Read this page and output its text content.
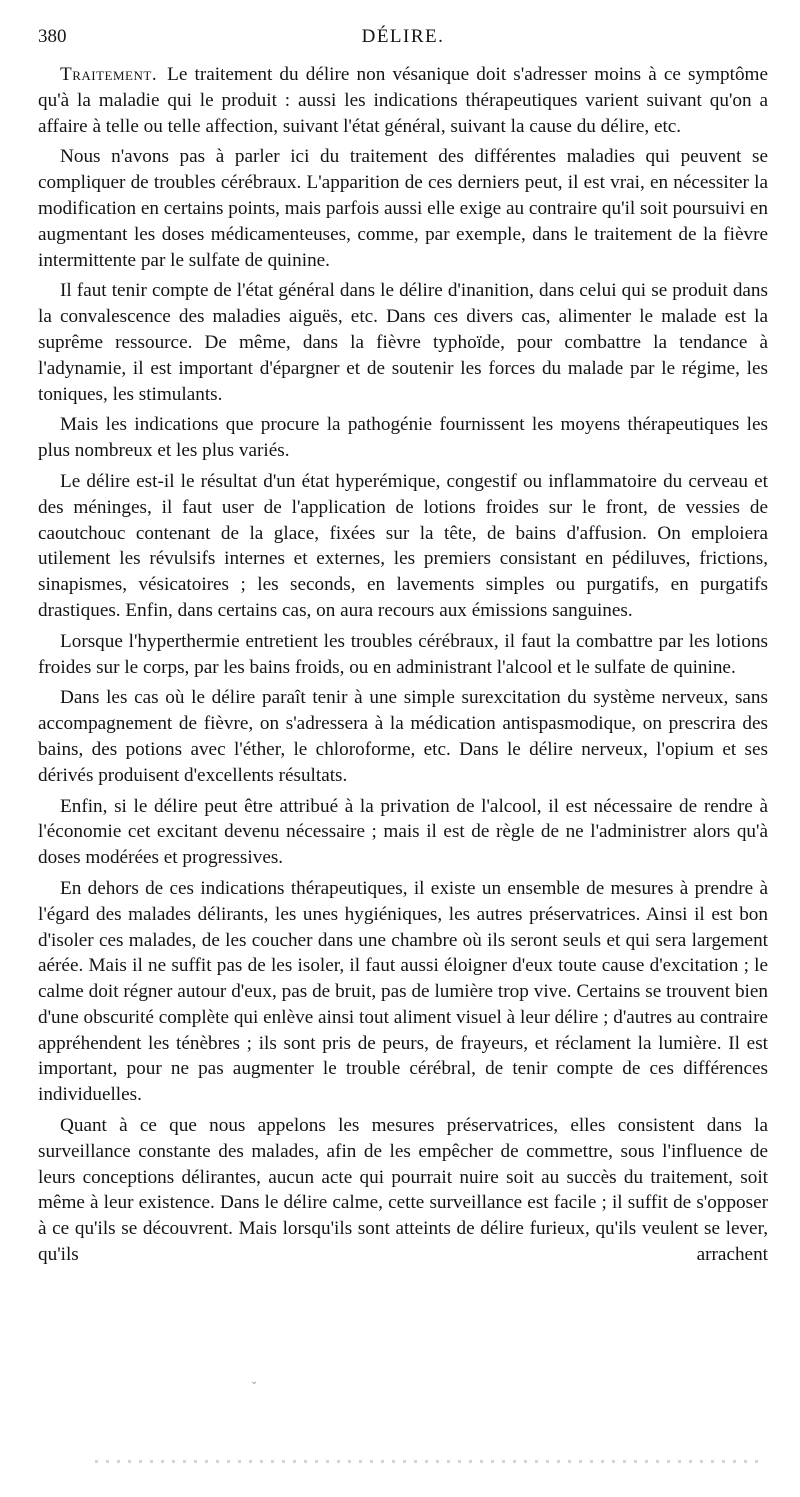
380	DÉLIRE.

Traitement. Le traitement du délire non vésanique doit s'adresser moins à ce symptôme qu'à la maladie qui le produit : aussi les indications thérapeutiques varient suivant qu'on a affaire à telle ou telle affection, suivant l'état général, suivant la cause du délire, etc.

Nous n'avons pas à parler ici du traitement des différentes maladies qui peuvent se compliquer de troubles cérébraux. L'apparition de ces derniers peut, il est vrai, en nécessiter la modification en certains points, mais parfois aussi elle exige au contraire qu'il soit poursuivi en augmentant les doses médicamenteuses, comme, par exemple, dans le traitement de la fièvre intermittente par le sulfate de quinine.

Il faut tenir compte de l'état général dans le délire d'inanition, dans celui qui se produit dans la convalescence des maladies aiguës, etc. Dans ces divers cas, alimenter le malade est la suprême ressource. De même, dans la fièvre typhoïde, pour combattre la tendance à l'adynamie, il est important d'épargner et de soutenir les forces du malade par le régime, les toniques, les stimulants.

Mais les indications que procure la pathogénie fournissent les moyens thérapeutiques les plus nombreux et les plus variés.

Le délire est-il le résultat d'un état hyperémique, congestif ou inflammatoire du cerveau et des méninges, il faut user de l'application de lotions froides sur le front, de vessies de caoutchouc contenant de la glace, fixées sur la tête, de bains d'affusion. On emploiera utilement les révulsifs internes et externes, les premiers consistant en pédiluves, frictions, sinapismes, vésicatoires ; les seconds, en lavements simples ou purgatifs, en purgatifs drastiques. Enfin, dans certains cas, on aura recours aux émissions sanguines.

Lorsque l'hyperthermie entretient les troubles cérébraux, il faut la combattre par les lotions froides sur le corps, par les bains froids, ou en administrant l'alcool et le sulfate de quinine.

Dans les cas où le délire paraît tenir à une simple surexcitation du système nerveux, sans accompagnement de fièvre, on s'adressera à la médication antispasmodique, on prescrira des bains, des potions avec l'éther, le chloroforme, etc. Dans le délire nerveux, l'opium et ses dérivés produisent d'excellents résultats.

Enfin, si le délire peut être attribué à la privation de l'alcool, il est nécessaire de rendre à l'économie cet excitant devenu nécessaire ; mais il est de règle de ne l'administrer alors qu'à doses modérées et progressives.

En dehors de ces indications thérapeutiques, il existe un ensemble de mesures à prendre à l'égard des malades délirants, les unes hygiéniques, les autres préservatrices. Ainsi il est bon d'isoler ces malades, de les coucher dans une chambre où ils seront seuls et qui sera largement aérée. Mais il ne suffit pas de les isoler, il faut aussi éloigner d'eux toute cause d'excitation ; le calme doit régner autour d'eux, pas de bruit, pas de lumière trop vive. Certains se trouvent bien d'une obscurité complète qui enlève ainsi tout aliment visuel à leur délire ; d'autres au contraire appréhendent les ténèbres ; ils sont pris de peurs, de frayeurs, et réclament la lumière. Il est important, pour ne pas augmenter le trouble cérébral, de tenir compte de ces différences individuelles.

Quant à ce que nous appelons les mesures préservatrices, elles consistent dans la surveillance constante des malades, afin de les empêcher de commettre, sous l'influence de leurs conceptions délirantes, aucun acte qui pourrait nuire soit au succès du traitement, soit même à leur existence. Dans le délire calme, cette surveillance est facile ; il suffit de s'opposer à ce qu'ils se découvrent. Mais lorsqu'ils sont atteints de délire furieux, qu'ils veulent se lever, qu'ils arrachent

⌄
